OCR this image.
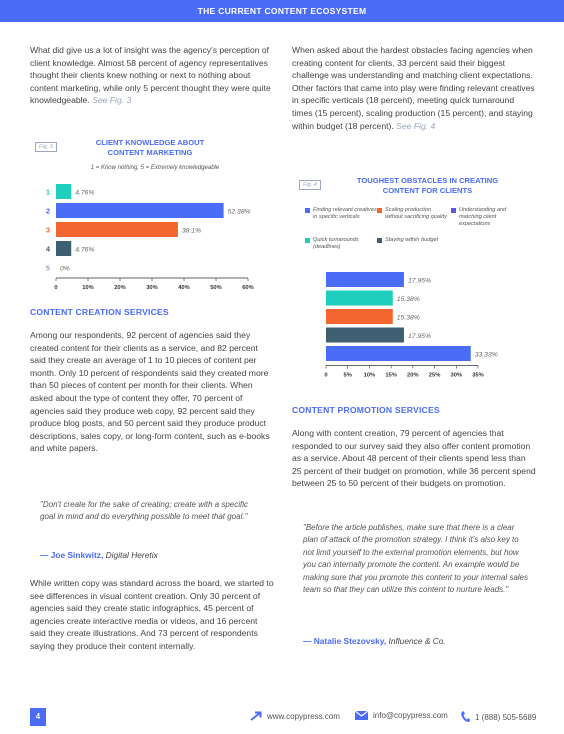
THE CURRENT CONTENT ECOSYSTEM

What did give us a lot of insight was the agency's perception of client knowledge. Almost 58 percent of agency representatives thought their clients knew nothing or next to nothing about content marketing, while only 5 percent thought they were quite knowledgeable. See Fig. 3

Fig. 3	CLIENT KNOWLEDGE ABOUT CONTENT MARKETING
1 = Know nothing, 5 = Extremely knowledgeable
1	4.76%
2	52.38%
3	38.1%
4	4.76%
5 0%
0	10%	20%	30%	40%	50%	60%
CONTENT CREATION SERVICES

Among our respondents, 92 percent of agencies said they created content for their clients as a service, and 82 percent said they create an average of 1 to 10 pieces of content per month. Only 10 percent of respondents said they created more than 50 pieces of content per month for their clients. When asked about the type of content they offer, 70 percent of agencies said they produce web copy, 92 percent said they produce blog posts, and 50 percent said they produce product descriptions, sales copy, or long-form content, such as e-books and white papers.

"Don't create for the sake of creating; create with a specific goal in mind and do everything possible to meet that goal."
— Joe Sinkwitz, Digital Heretix

While written copy was standard across the board, we started to see differences in visual content creation. Only 30 percent of agencies said they create static infographics, 45 percent of agencies create interactive media or videos, and 16 percent said they create illustrations. And 73 percent of respondents saying they produce their content internally.

When asked about the hardest obstacles facing agencies when creating content for clients, 33 percent said their biggest challenge was understanding and matching client expectations. Other factors that came into play were finding relevant creatives in specific verticals (18 percent), meeting quick turnaround times (15 percent), scaling production (15 percent), and staying within budget (18 percent). See Fig. 4

Fig. 4	TOUGHEST OBSTACLES IN CREATING CONTENT FOR CLIENTS
Finding relevant creatives in specific verticals
Scaling production without sacrificing quality
Understanding and matching client expectations
Quick turnarounds (deadlines)
Staying within budget
17.95%
15.38%
15.38%
17.95%
33.33%
0	5% 10% 15% 20% 25% 30% 35%
CONTENT PROMOTION SERVICES

Along with content creation, 79 percent of agencies that responded to our survey said they also offer content promotion as a service. About 48 percent of their clients spend less than 25 percent of their budget on promotion, while 36 percent spend between 25 to 50 percent of their budgets on promotion.

"Before the article publishes, make sure that there is a clear plan of attack of the promotion strategy. I think it's also key to not limit yourself to the external promotion elements, but how you can internally promote the content. An example would be making sure that you promote this content to your internal sales team so that they can utilize this content to nurture leads."
— Natalie Stezovsky, Influence & Co.
4	www.copypress.com	info@copypress.com	1 (888) 505-5689
